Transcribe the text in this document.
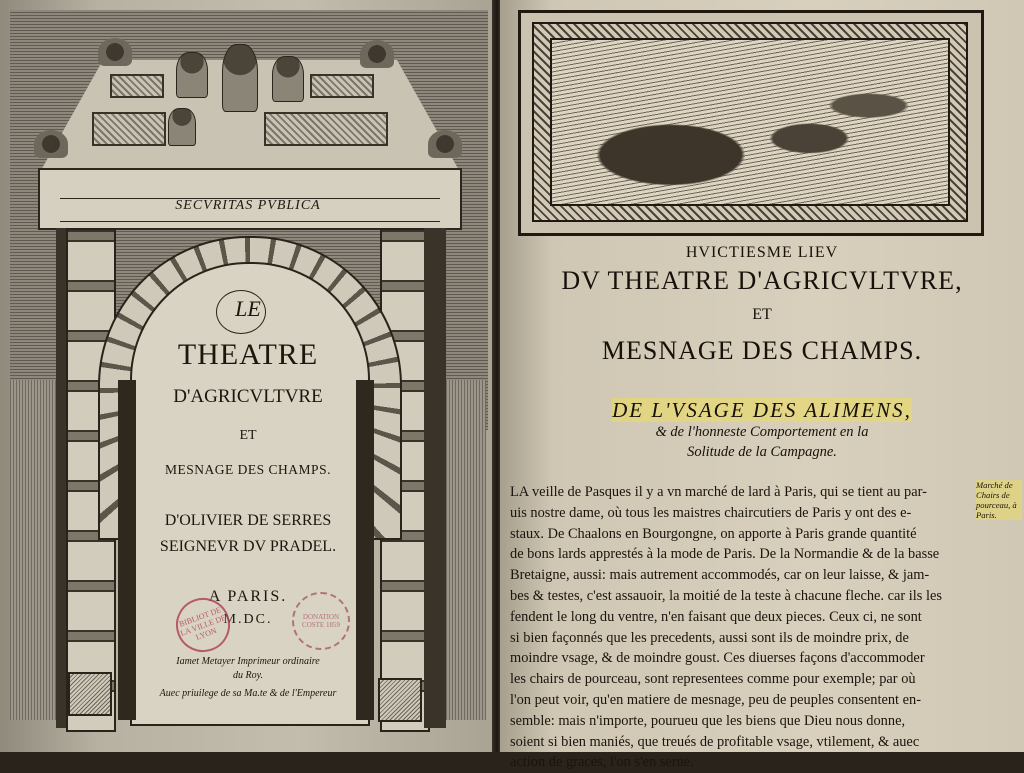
SECVRITAS PVBLICA
LE
THEATRE
D'AGRICVLTVRE
ET
MESNAGE DES CHAMPS.
D'OLIVIER DE SERRES
SEIGNEVR DV PRADEL.
A PARIS.
M.DC.
Iamet Metayer Imprimeur ordinaire
du Roy.
Auec priuilege de sa Ma.te & de l'Empereur
BIBLIOT DE LA VILLE DE LYON
DONATION COSTE 1859
HVICTIESME LIEV
DV THEATRE D'AGRICVLTVRE,
ET
MESNAGE DES CHAMPS.
DE L'VSAGE DES ALIMENS,
& de l'honneste Comportement en la
Solitude de la Campagne.
Marché de Chairs de pourceau, à Paris.
LA veille de Pasques il y a vn marché de lard à Paris, qui se tient au par-
uis nostre dame, où tous les maistres chaircutiers de Paris y ont des e-
staux. De Chaalons en Bourgongne, on apporte à Paris grande quantité
de bons lards apprestés à la mode de Paris. De la Normandie & de la basse
Bretaigne, aussi: mais autrement accommodés, car on leur laisse, & jam-
bes & testes, c'est assauoir, la moitié de la teste à chacune fleche. car ils les
fendent le long du ventre, n'en faisant que deux pieces. Ceux ci, ne sont
si bien façonnés que les precedents, aussi sont ils de moindre prix, de
moindre vsage, & de moindre goust. Ces diuerses façons d'accommoder
les chairs de pourceau, sont representees comme pour exemple; par où
l'on peut voir, qu'en matiere de mesnage, peu de peuples consentent en-
semble: mais n'importe, pourueu que les biens que Dieu nous donne,
soient si bien maniés, que treués de profitable vsage, vtilement, & auec
action de graces, l'on s'en serue.
